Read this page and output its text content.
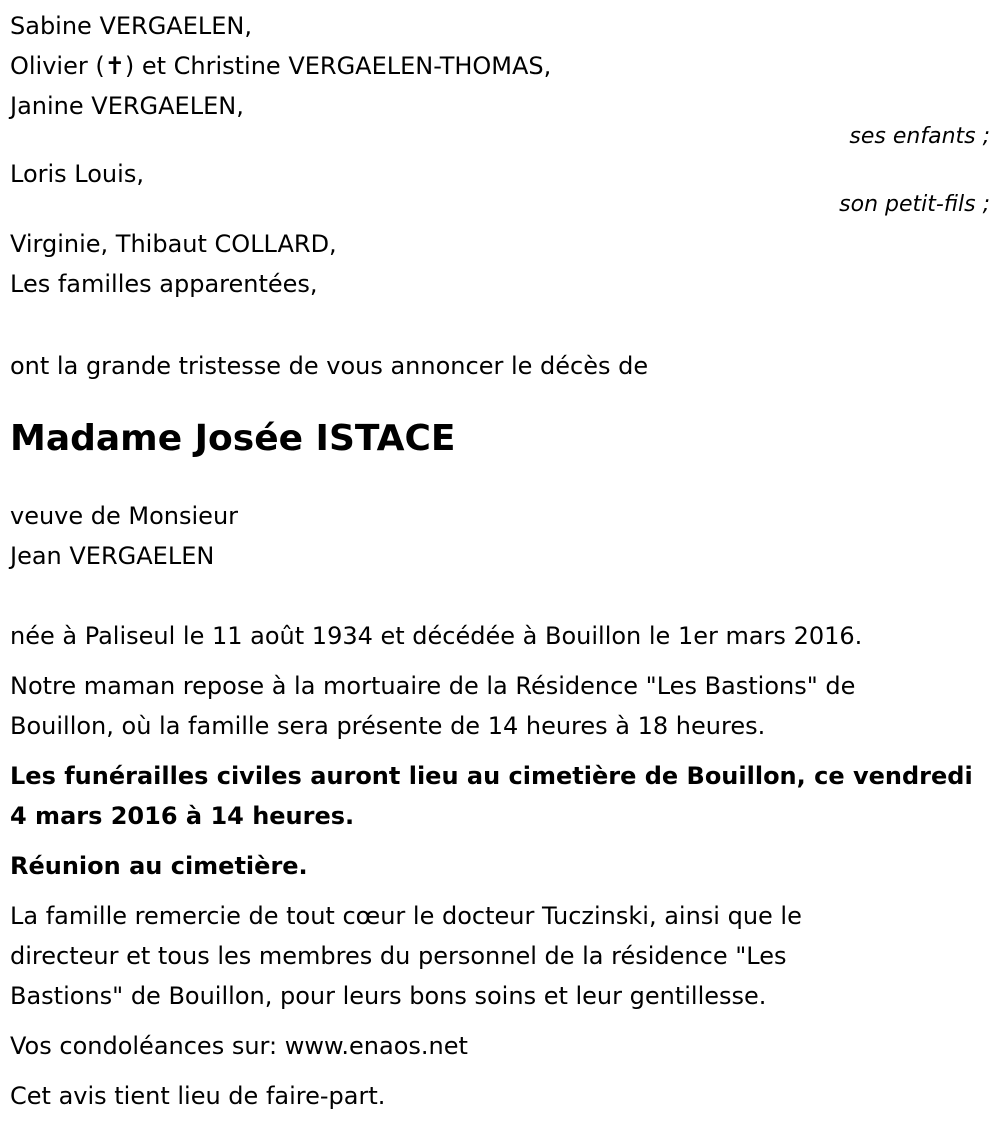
Sabine VERGAELEN,
Olivier (✝) et Christine VERGAELEN-THOMAS,
Janine VERGAELEN,
ses enfants ;
Loris Louis,
son petit-fils ;
Virginie, Thibaut COLLARD,
Les familles apparentées,
ont la grande tristesse de vous annoncer le décès de
Madame Josée ISTACE
veuve de Monsieur
Jean VERGAELEN
née à Paliseul le 11 août 1934 et décédée à Bouillon le 1er mars 2016.
Notre maman repose à la mortuaire de la Résidence "Les Bastions" de
Bouillon, où la famille sera présente de 14 heures à 18 heures.
Les funérailles civiles auront lieu au cimetière de Bouillon, ce vendredi
4 mars 2016 à 14 heures.
Réunion au cimetière.
La famille remercie de tout cœur le docteur Tuczinski, ainsi que le
directeur et tous les membres du personnel de la résidence "Les
Bastions" de Bouillon, pour leurs bons soins et leur gentillesse.
Vos condoléances sur: www.enaos.net
Cet avis tient lieu de faire-part.
